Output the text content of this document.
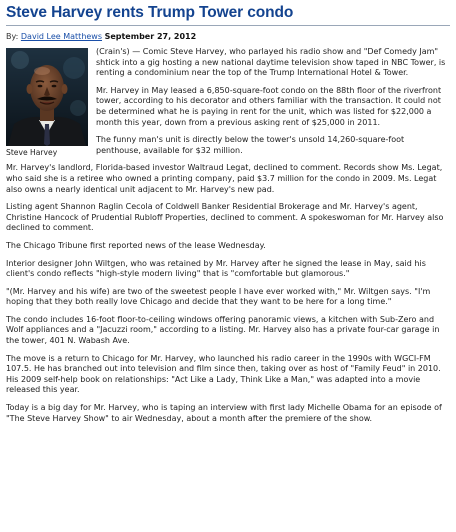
Steve Harvey rents Trump Tower condo
By: David Lee Matthews September 27, 2012
Steve Harvey

(Crain's) — Comic Steve Harvey, who parlayed his radio show and "Def Comedy Jam" shtick into a gig hosting a new national daytime television show taped in NBC Tower, is renting a condominium near the top of the Trump International Hotel & Tower.

Mr. Harvey in May leased a 6,850-square-foot condo on the 88th floor of the riverfront tower, according to his decorator and others familiar with the transaction. It could not be determined what he is paying in rent for the unit, which was listed for $22,000 a month this year, down from a previous asking rent of $25,000 in 2011.

The funny man's unit is directly below the tower's unsold 14,260-square-foot penthouse, available for $32 million.

Mr. Harvey's landlord, Florida-based investor Waltraud Legat, declined to comment. Records show Ms. Legat, who said she is a retiree who owned a printing company, paid $3.7 million for the condo in 2009. Ms. Legat also owns a nearly identical unit adjacent to Mr. Harvey's new pad.

Listing agent Shannon Raglin Cecola of Coldwell Banker Residential Brokerage and Mr. Harvey's agent, Christine Hancock of Prudential Rubloff Properties, declined to comment. A spokeswoman for Mr. Harvey also declined to comment.

The Chicago Tribune first reported news of the lease Wednesday.

Interior designer John Wiltgen, who was retained by Mr. Harvey after he signed the lease in May, said his client's condo reflects "high-style modern living" that is "comfortable but glamorous."

"(Mr. Harvey and his wife) are two of the sweetest people I have ever worked with," Mr. Wiltgen says. "I'm hoping that they both really love Chicago and decide that they want to be here for a long time."

The condo includes 16-foot floor-to-ceiling windows offering panoramic views, a kitchen with Sub-Zero and Wolf appliances and a "Jacuzzi room," according to a listing. Mr. Harvey also has a private four-car garage in the tower, 401 N. Wabash Ave.

The move is a return to Chicago for Mr. Harvey, who launched his radio career in the 1990s with WGCI-FM 107.5. He has branched out into television and film since then, taking over as host of "Family Feud" in 2010. His 2009 self-help book on relationships: "Act Like a Lady, Think Like a Man," was adapted into a movie released this year.

Today is a big day for Mr. Harvey, who is taping an interview with first lady Michelle Obama for an episode of "The Steve Harvey Show" to air Wednesday, about a month after the premiere of the show.
